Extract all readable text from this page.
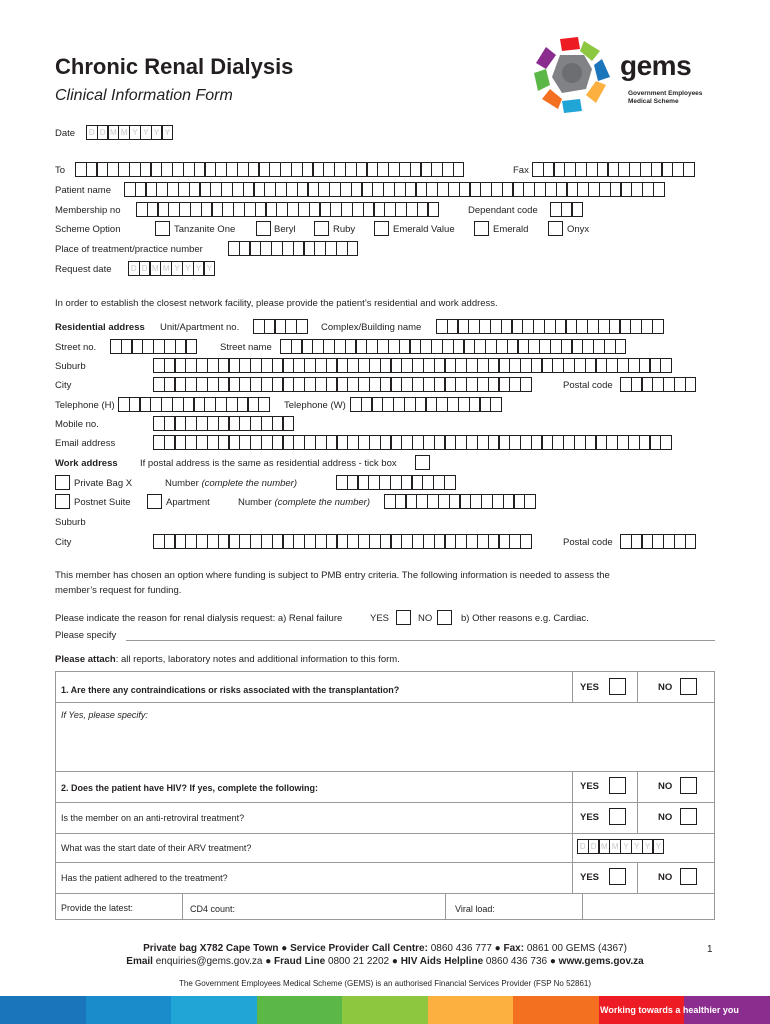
Chronic Renal Dialysis
Clinical Information Form
gems
Government Employees
Medical Scheme
Date	D D M M Y Y Y Y
To	Fax
Patient name
Membership no	Dependant code
Scheme Option	Tanzanite One	Beryl	Ruby	Emerald Value	Emerald	Onyx
Place of treatment/practice number
Request date	D D M M Y Y Y Y
In order to establish the closest network facility, please provide the patient’s residential and work address.
Residential address Unit/Apartment no.	Complex/Building name
Street no.	Street name
Suburb
City	Postal code
Telephone (H)	Telephone (W)
Mobile no.
Email address
Work address If postal address is the same as residential address - tick box
Private Bag X	Number (complete the number)
Postnet Suite	Apartment	Number (complete the number)
Suburb
City	Postal code
This member has chosen an option where funding is subject to PMB entry criteria. The following information is needed to assess the
member’s request for funding.
Please indicate the reason for renal dialysis request: a) Renal failure	YES	NO	b) Other reasons e.g. Cardiac.
Please specify
Please attach: all reports, laboratory notes and additional information to this form.
1. Are there any contraindications or risks associated with the transplantation?	YES	NO
If Yes, please specify:
2. Does the patient have HIV? If yes, complete the following:	YES	NO
Is the member on an anti-retroviral treatment?	YES	NO
What was the start date of their ARV treatment?	D D M M Y Y Y Y
Has the patient adhered to the treatment?	YES	NO
Provide the latest:	CD4 count:	Viral load:
Private bag X782 Cape Town ● Service Provider Call Centre: 0860 436 777 ● Fax: 0861 00 GEMS (4367)
Email enquiries@gems.gov.za ● Fraud Line 0800 21 2202 ● HIV Aids Helpline 0860 436 736 ● www.gems.gov.za
1
The Government Employees Medical Scheme (GEMS) is an authorised Financial Services Provider (FSP No 52861)
Working towards a healthier you
